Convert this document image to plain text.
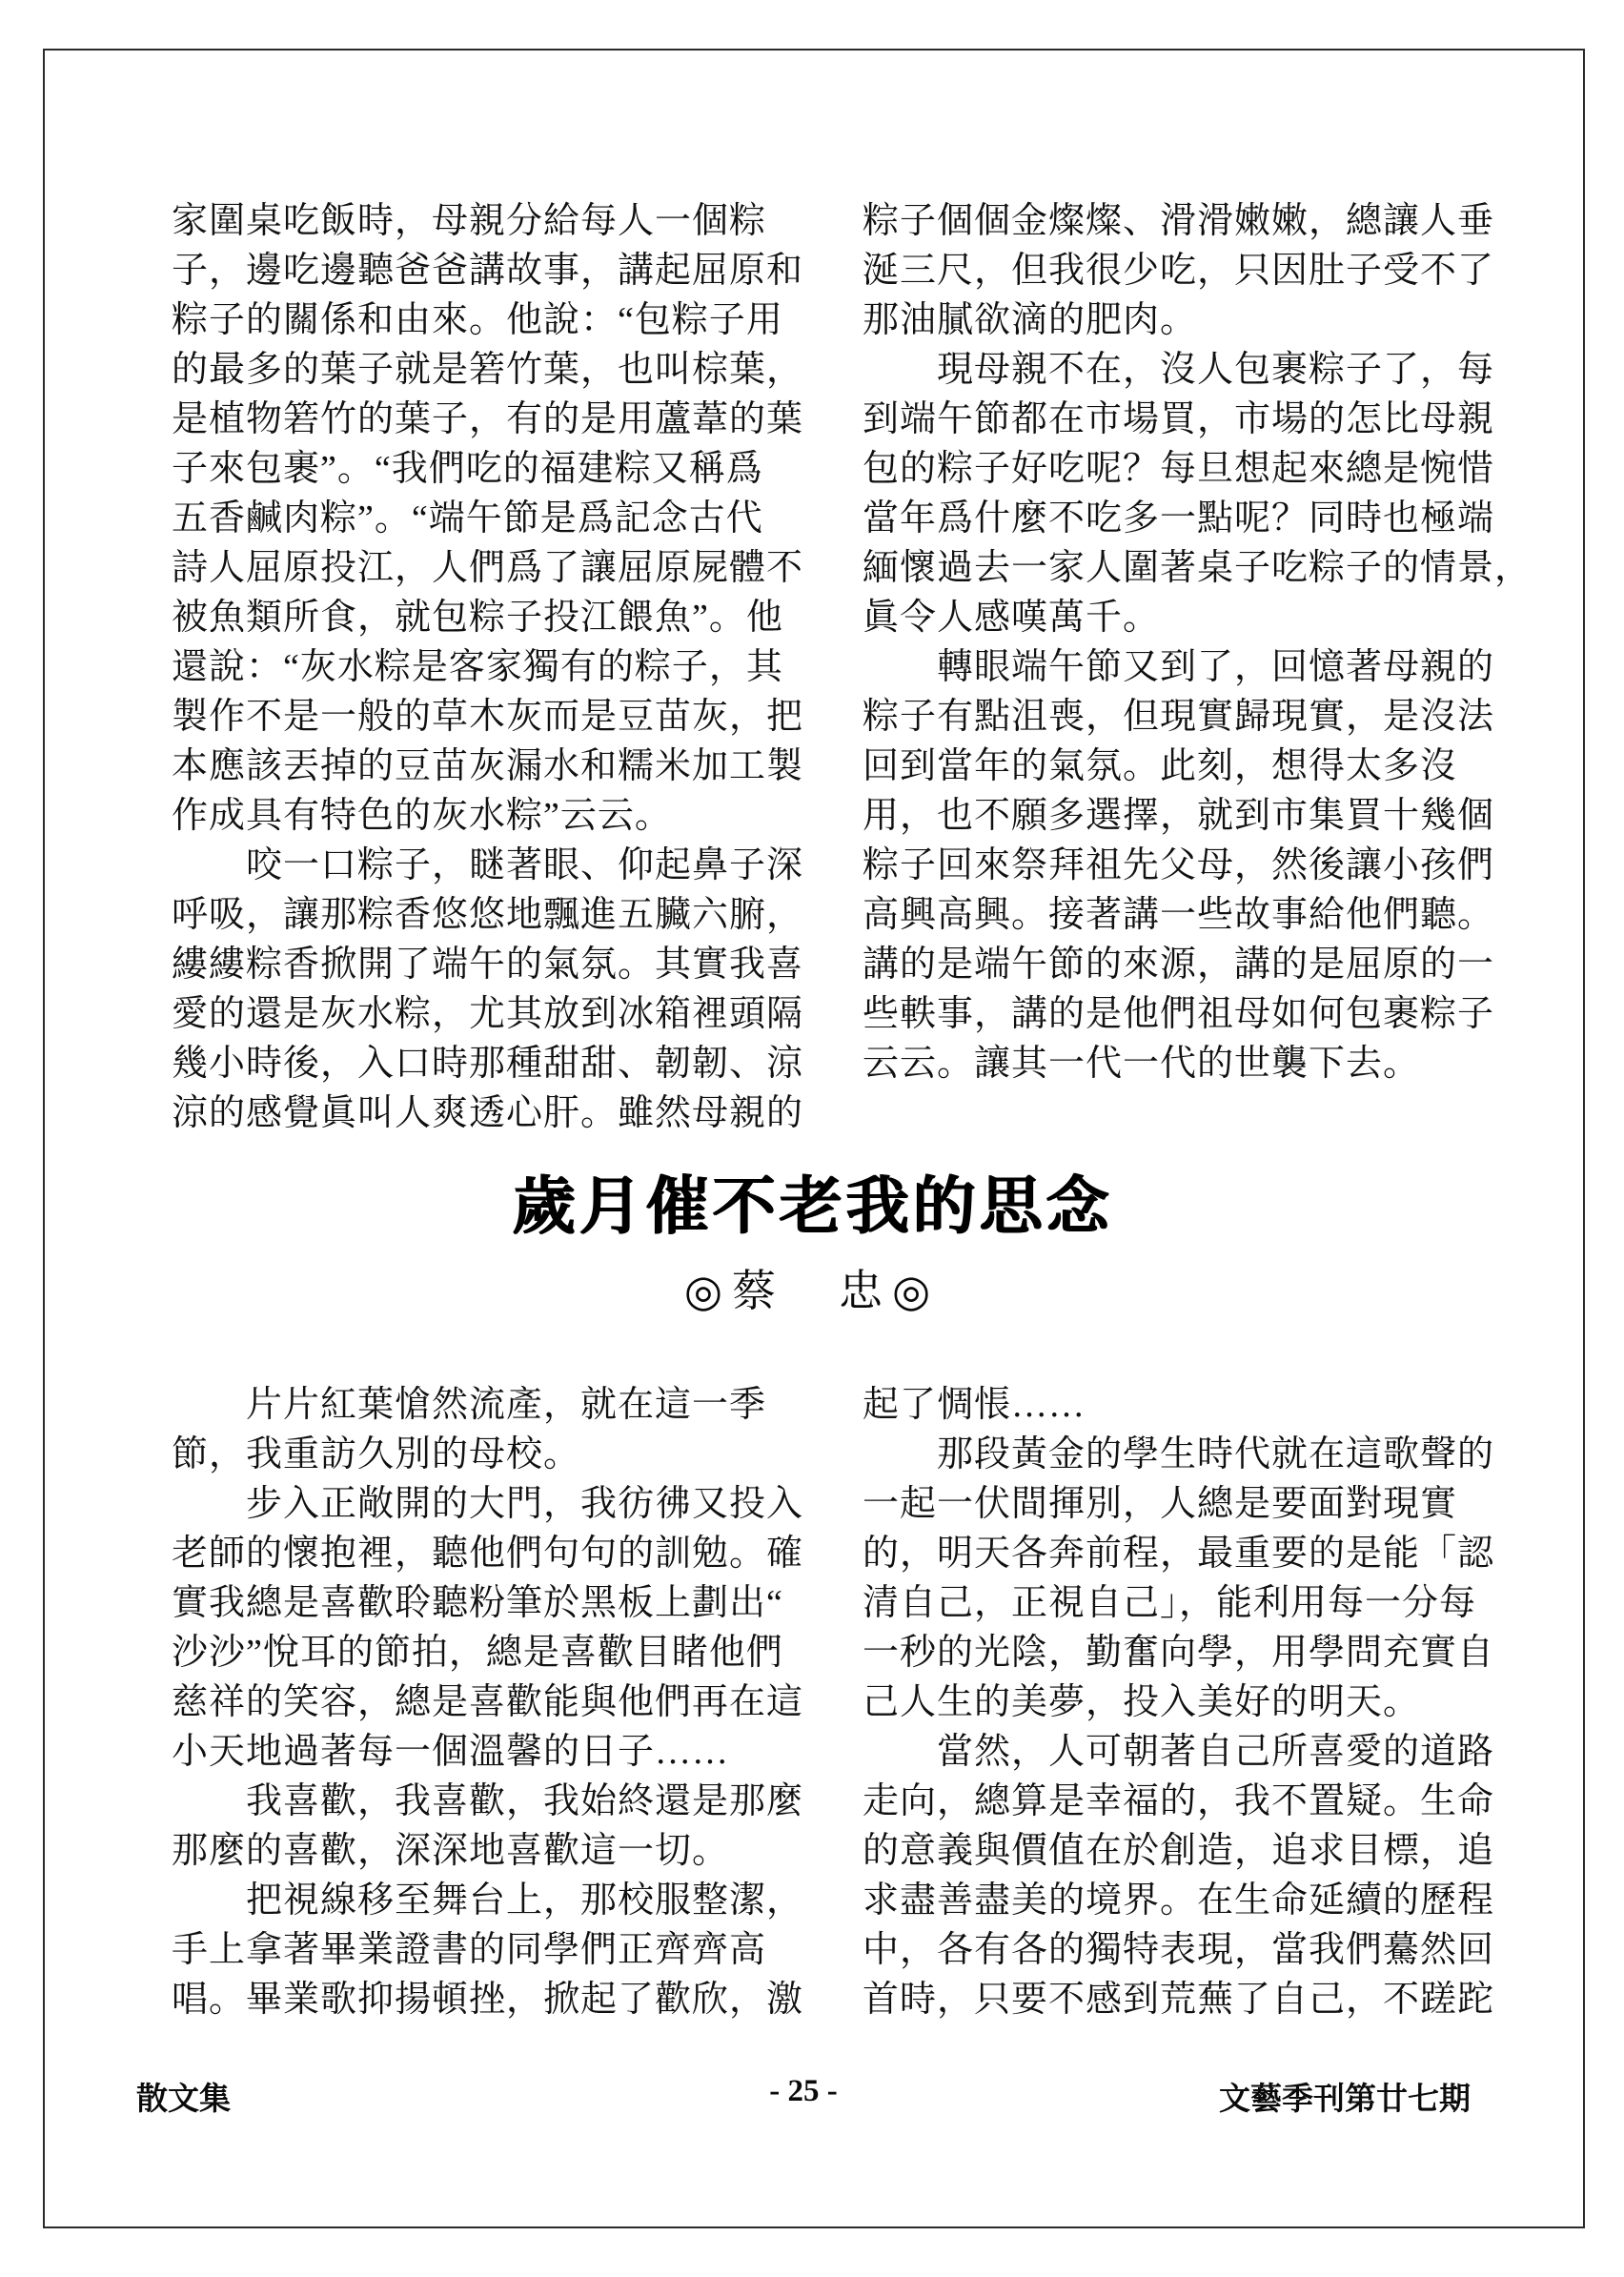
家圍桌吃飯時，母親分給每人一個粽
子，邊吃邊聽爸爸講故事，講起屈原和
粽子的關係和由來。他說：“包粽子用
的最多的葉子就是箬竹葉，也叫棕葉，
是植物箬竹的葉子，有的是用蘆葦的葉
子來包裹”。“我們吃的福建粽又稱爲
五香鹹肉粽”。“端午節是爲記念古代
詩人屈原投江，人們爲了讓屈原屍體不
被魚類所食，就包粽子投江餵魚”。他
還說：“灰水粽是客家獨有的粽子，其
製作不是一般的草木灰而是豆苗灰，把
本應該丟掉的豆苗灰漏水和糯米加工製
作成具有特色的灰水粽”云云。
　　咬一口粽子，瞇著眼、仰起鼻子深
呼吸，讓那粽香悠悠地飄進五臟六腑，
縷縷粽香掀開了端午的氣氛。其實我喜
愛的還是灰水粽，尤其放到冰箱裡頭隔
幾小時後，入口時那種甜甜、韌韌、涼
涼的感覺眞叫人爽透心肝。雖然母親的
粽子個個金燦燦、滑滑嫩嫩，總讓人垂
涎三尺，但我很少吃，只因肚子受不了
那油膩欲滴的肥肉。
　　現母親不在，沒人包裹粽子了，每
到端午節都在市場買，市場的怎比母親
包的粽子好吃呢？每旦想起來總是惋惜
當年爲什麼不吃多一點呢？同時也極端
緬懷過去一家人圍著桌子吃粽子的情景，
眞令人感嘆萬千。
　　轉眼端午節又到了，回憶著母親的
粽子有點沮喪，但現實歸現實，是沒法
回到當年的氣氛。此刻，想得太多沒
用，也不願多選擇，就到市集買十幾個
粽子回來祭拜祖先父母，然後讓小孩們
高興高興。接著講一些故事給他們聽。
講的是端午節的來源，講的是屈原的一
些軼事，講的是他們祖母如何包裹粽子
云云。讓其一代一代的世襲下去。
歲月催不老我的思念
◎蔡　忠◎
　　片片紅葉愴然流產，就在這一季
節，我重訪久別的母校。
　　步入正敞開的大門，我彷彿又投入
老師的懷抱裡，聽他們句句的訓勉。確
實我總是喜歡聆聽粉筆於黑板上劃出“
沙沙”悅耳的節拍，總是喜歡目睹他們
慈祥的笑容，總是喜歡能與他們再在這
小天地過著每一個溫馨的日子……
　　我喜歡，我喜歡，我始終還是那麼
那麼的喜歡，深深地喜歡這一切。
　　把視線移至舞台上，那校服整潔，
手上拿著畢業證書的同學們正齊齊高
唱。畢業歌抑揚頓挫，掀起了歡欣，激
起了惆悵……
　　那段黃金的學生時代就在這歌聲的
一起一伏間揮別，人總是要面對現實
的，明天各奔前程，最重要的是能「認
清自己，正視自己」，能利用每一分每
一秒的光陰，勤奮向學，用學問充實自
己人生的美夢，投入美好的明天。
　　當然，人可朝著自己所喜愛的道路
走向，總算是幸福的，我不置疑。生命
的意義與價值在於創造，追求目標，追
求盡善盡美的境界。在生命延續的歷程
中，各有各的獨特表現，當我們驀然回
首時，只要不感到荒蕪了自己，不蹉跎
散文集	- 25 -	文藝季刊第廿七期
